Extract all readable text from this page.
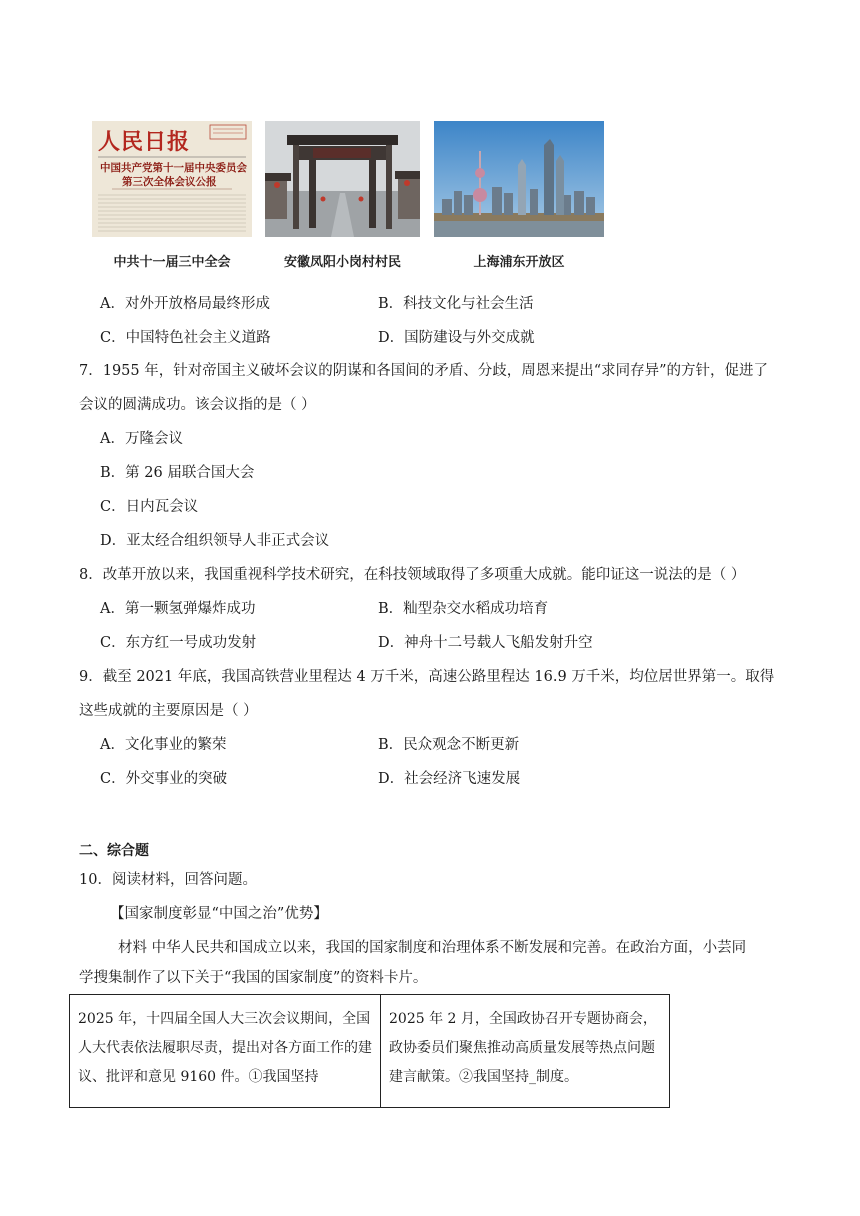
人民日报
中国共产党第十一届中央委员会
第三次全体会议公报
中共十一届三中全会	安徽凤阳小岗村村民	上海浦东开放区
A．对外开放格局最终形成	B．科技文化与社会生活
C．中国特色社会主义道路	D．国防建设与外交成就
7．1955 年，针对帝国主义破坏会议的阴谋和各国间的矛盾、分歧，周恩来提出“求同存异”的方针，促进了
会议的圆满成功。该会议指的是（ ）
A．万隆会议
B．第 26 届联合国大会
C．日内瓦会议
D．亚太经合组织领导人非正式会议
8．改革开放以来，我国重视科学技术研究，在科技领域取得了多项重大成就。能印证这一说法的是（ ）
A．第一颗氢弹爆炸成功	B．籼型杂交水稻成功培育
C．东方红一号成功发射	D．神舟十二号载人飞船发射升空
9．截至 2021 年底，我国高铁营业里程达 4 万千米，高速公路里程达 16.9 万千米，均位居世界第一。取得
这些成就的主要原因是（ ）
A．文化事业的繁荣	B．民众观念不断更新
C．外交事业的突破	D．社会经济飞速发展
二、综合题
10．阅读材料，回答问题。
【国家制度彰显“中国之治”优势】
材料 中华人民共和国成立以来，我国的国家制度和治理体系不断发展和完善。在政治方面，小芸同
学搜集制作了以下关于“我国的国家制度”的资料卡片。
2025 年，十四届全国人大三次会议期间，全国人大代表依法履职尽责，提出对各方面工作的建议、批评和意见 9160 件。①我国坚持	2025 年 2 月，全国政协召开专题协商会，政协委员们聚焦推动高质量发展等热点问题建言献策。②我国坚持_制度。
